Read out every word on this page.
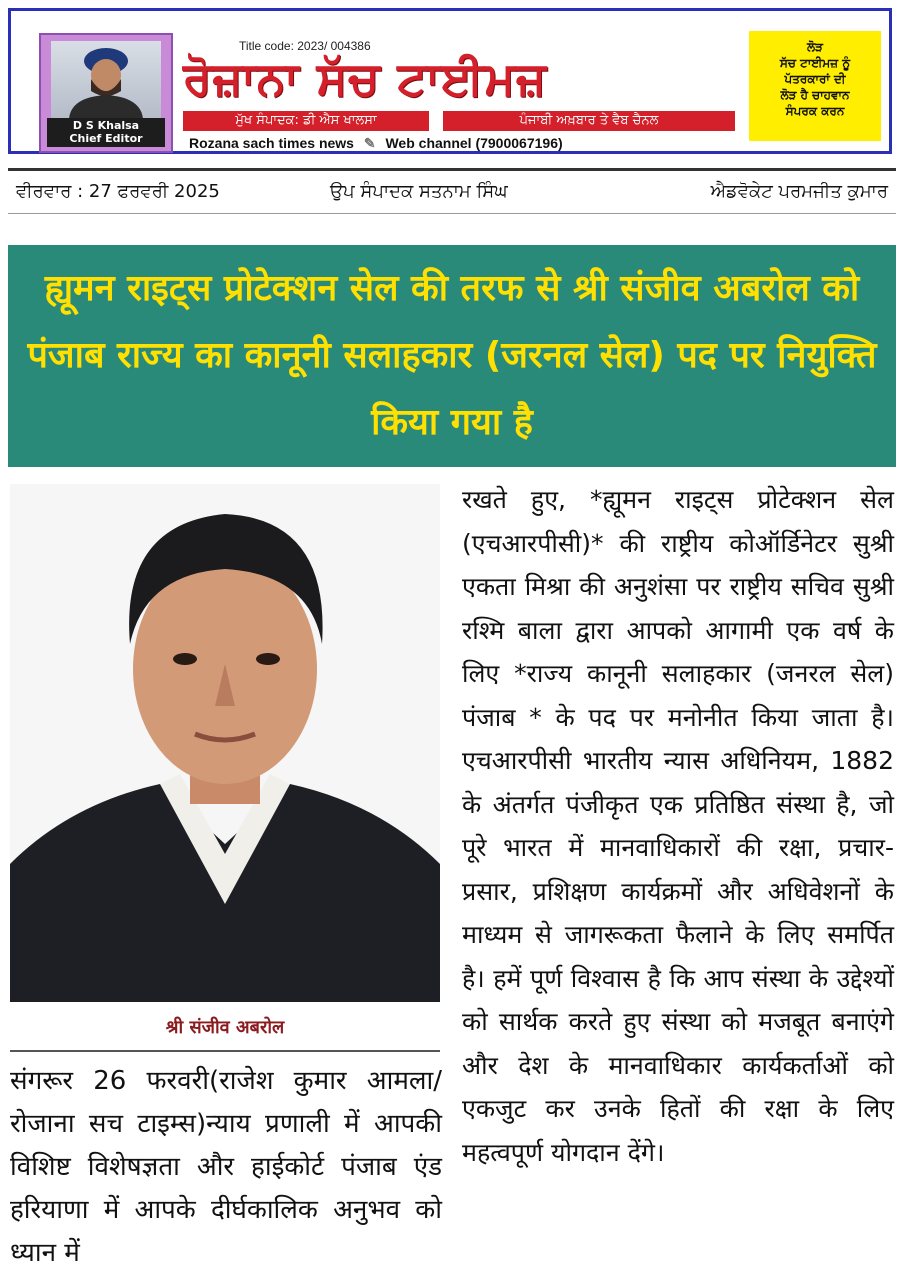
D S Khalsa
Chief Editor
Title code: 2023/ 004386
ਰੋਜ਼ਾਨਾ ਸੱਚ ਟਾਈਮਜ਼
ਮੁੱਖ ਸੰਪਾਦਕ: ਡੀ ਐਸ ਖਾਲਸਾ	ਪੰਜਾਬੀ ਅਖ਼ਬਾਰ ਤੇ ਵੈਬ ਚੈਨਲ
Rozana sach times news ✎ Web channel (7900067196)
ਲੋੜ
ਸੱਚ ਟਾਈਮਜ਼ ਨੂੰ
ਪੱਤਰਕਾਰਾਂ ਦੀ
ਲੋੜ ਹੈ ਚਾਹਵਾਨ
ਸੰਪਰਕ ਕਰਨ
ਵੀਰਵਾਰ : 27 ਫਰਵਰੀ 2025	ਉਪ ਸੰਪਾਦਕ ਸਤਨਾਮ ਸਿੰਘ	ਐਡਵੋਕੇਟ ਪਰਮਜੀਤ ਕੁਮਾਰ
ह्यूमन राइट्स प्रोटेक्शन सेल की तरफ से श्री संजीव अबरोल को पंजाब राज्य का कानूनी सलाहकार (जरनल सेल) पद पर नियुक्ति किया गया है
श्री संजीव अबरोल
संगरूर 26 फरवरी(राजेश कुमार आमला/रोजाना सच टाइम्स)न्याय प्रणाली में आपकी विशिष्ट विशेषज्ञता और हाईकोर्ट पंजाब एंड हरियाणा में आपके दीर्घकालिक अनुभव को ध्यान में
रखते हुए, *ह्यूमन राइट्स प्रोटेक्शन सेल (एचआरपीसी)* की राष्ट्रीय कोऑर्डिनेटर सुश्री एकता मिश्रा की अनुशंसा पर राष्ट्रीय सचिव सुश्री रश्मि बाला द्वारा आपको आगामी एक वर्ष के लिए *राज्य कानूनी सलाहकार (जनरल सेल) पंजाब * के पद पर मनोनीत किया जाता है। एचआरपीसी भारतीय न्यास अधिनियम, 1882 के अंतर्गत पंजीकृत एक प्रतिष्ठित संस्था है, जो पूरे भारत में मानवाधिकारों की रक्षा, प्रचार-प्रसार, प्रशिक्षण कार्यक्रमों और अधिवेशनों के माध्यम से जागरूकता फैलाने के लिए समर्पित है। हमें पूर्ण विश्वास है कि आप संस्था के उद्देश्यों को सार्थक करते हुए संस्था को मजबूत बनाएंगे और देश के मानवाधिकार कार्यकर्ताओं को एकजुट कर उनके हितों की रक्षा के लिए महत्वपूर्ण योगदान देंगे।
